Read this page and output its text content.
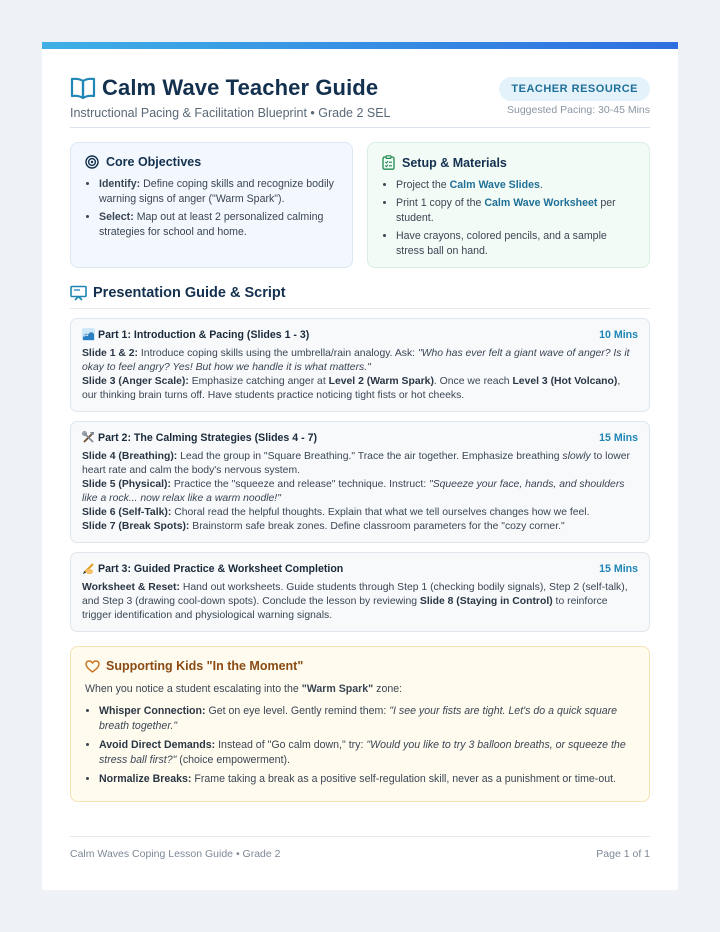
Calm Wave Teacher Guide
Instructional Pacing & Facilitation Blueprint • Grade 2 SEL
TEACHER RESOURCE
Suggested Pacing: 30-45 Mins
Core Objectives
• Identify: Define coping skills and recognize bodily warning signs of anger ("Warm Spark").
• Select: Map out at least 2 personalized calming strategies for school and home.
Setup & Materials
• Project the Calm Wave Slides.
• Print 1 copy of the Calm Wave Worksheet per student.
• Have crayons, colored pencils, and a sample stress ball on hand.
Presentation Guide & Script
Part 1: Introduction & Pacing (Slides 1 - 3)	10 Mins

Slide 1 & 2: Introduce coping skills using the umbrella/rain analogy. Ask: "Who has ever felt a giant wave of anger? Is it okay to feel angry? Yes! But how we handle it is what matters."

Slide 3 (Anger Scale): Emphasize catching anger at Level 2 (Warm Spark). Once we reach Level 3 (Hot Volcano), our thinking brain turns off. Have students practice noticing tight fists or hot cheeks.

Part 2: The Calming Strategies (Slides 4 - 7)	15 Mins

Slide 4 (Breathing): Lead the group in "Square Breathing." Trace the air together. Emphasize breathing slowly to lower heart rate and calm the body's nervous system.

Slide 5 (Physical): Practice the "squeeze and release" technique. Instruct: "Squeeze your face, hands, and shoulders like a rock... now relax like a warm noodle!"

Slide 6 (Self-Talk): Choral read the helpful thoughts. Explain that what we tell ourselves changes how we feel.

Slide 7 (Break Spots): Brainstorm safe break zones. Define classroom parameters for the "cozy corner."

Part 3: Guided Practice & Worksheet Completion	15 Mins

Worksheet & Reset: Hand out worksheets. Guide students through Step 1 (checking bodily signals), Step 2 (self-talk), and Step 3 (drawing cool-down spots). Conclude the lesson by reviewing Slide 8 (Staying in Control) to reinforce trigger identification and physiological warning signals.

Supporting Kids "In the Moment"

When you notice a student escalating into the "Warm Spark" zone:

• Whisper Connection: Get on eye level. Gently remind them: "I see your fists are tight. Let's do a quick square breath together."
• Avoid Direct Demands: Instead of "Go calm down," try: "Would you like to try 3 balloon breaths, or squeeze the stress ball first?" (choice empowerment).
• Normalize Breaks: Frame taking a break as a positive self-regulation skill, never as a punishment or time-out.
Calm Waves Coping Lesson Guide • Grade 2	Page 1 of 1
